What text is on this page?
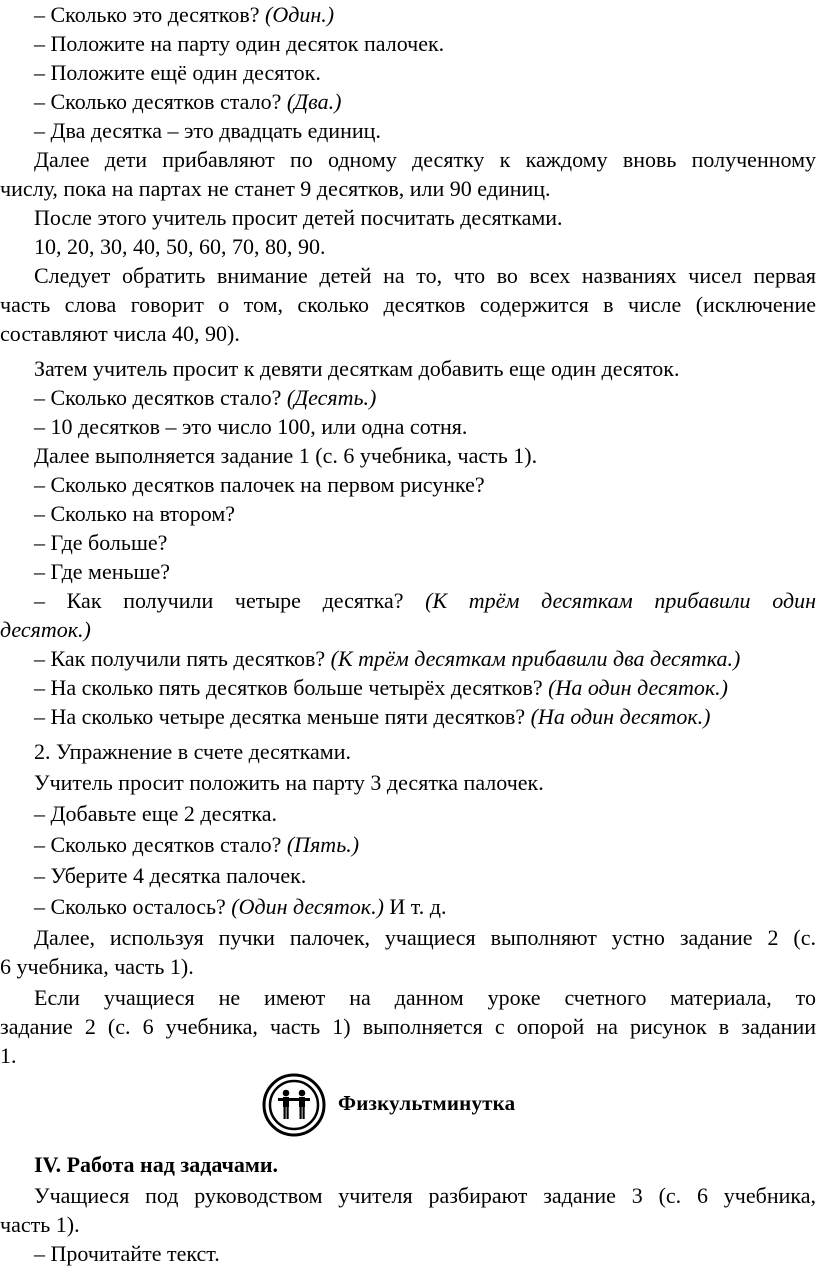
– Сколько это десятков? (Один.)

– Положите на парту один десяток палочек.

– Положите ещё один десяток.

– Сколько десятков стало? (Два.)

– Два десятка – это двадцать единиц.

Далее дети прибавляют по одному десятку к каждому вновь полученному

числу, пока на партах не станет 9 десятков, или 90 единиц.

После этого учитель просит детей посчитать десятками.

10, 20, 30, 40, 50, 60, 70, 80, 90.

Следует обратить внимание детей на то, что во всех названиях чисел первая

часть слова говорит о том, сколько десятков содержится в числе (исключение

составляют числа 40, 90).

Затем учитель просит к девяти десяткам добавить еще один десяток.

– Сколько десятков стало? (Десять.)

– 10 десятков – это число 100, или одна сотня.

Далее выполняется задание 1 (с. 6 учебника, часть 1).

– Сколько десятков палочек на первом рисунке?

– Сколько на втором?

– Где больше?

– Где меньше?

– Как получили четыре десятка? (К трём десяткам прибавили один

десяток.)

– Как получили пять десятков? (К трём десяткам прибавили два десятка.)

– На сколько пять десятков больше четырёх десятков? (На один десяток.)

– На сколько четыре десятка меньше пяти десятков? (На один десяток.)

2. Упражнение в счете десятками.

Учитель просит положить на парту 3 десятка палочек.

– Добавьте еще 2 десятка.

– Сколько десятков стало? (Пять.)

– Уберите 4 десятка палочек.

– Сколько осталось? (Один десяток.) И т. д.

Далее, используя пучки палочек, учащиеся выполняют устно задание 2 (с.

6 учебника, часть 1).

Если учащиеся не имеют на данном уроке счетного материала, то

задание 2 (с. 6 учебника, часть 1) выполняется с опорой на рисунок в задании

1.

Физкультминутка

IV. Работа над задачами.

Учащиеся под руководством учителя разбирают задание 3 (с. 6 учебника,

часть 1).

– Прочитайте текст.
